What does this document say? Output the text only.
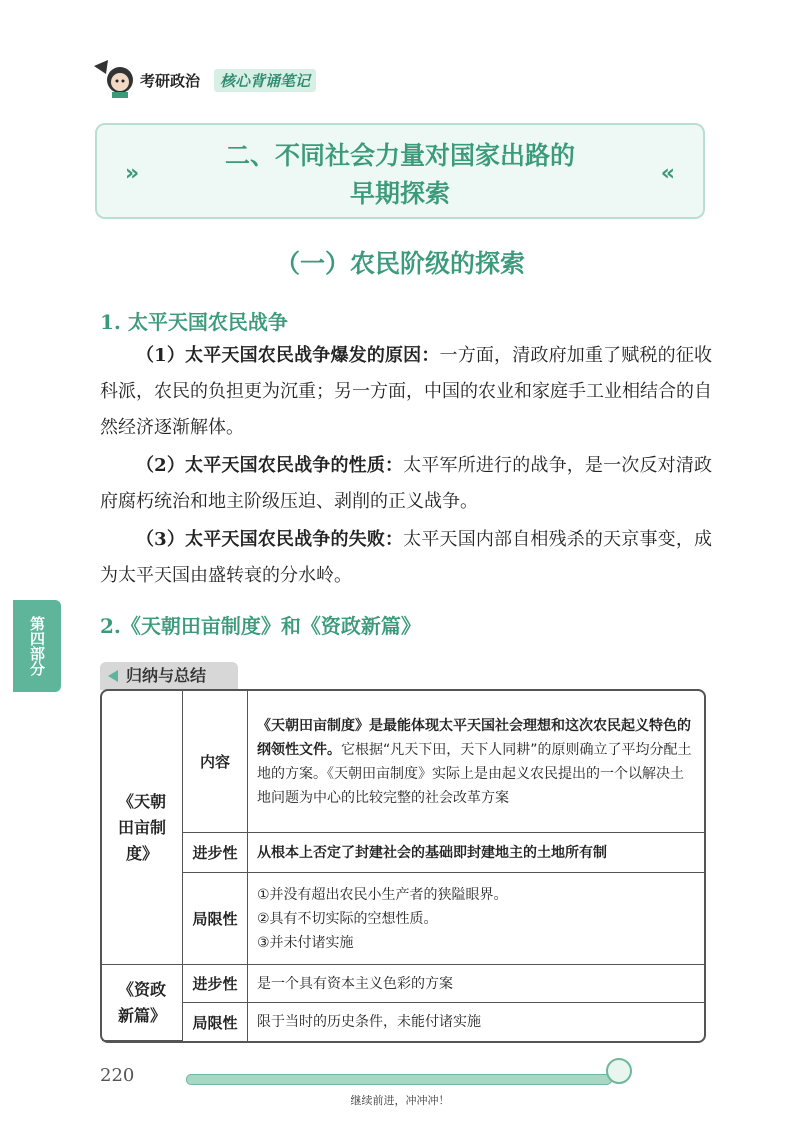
考研政治	核心背诵笔记
»
二、不同社会力量对国家出路的
早期探索
«
（一）农民阶级的探索
1. 太平天国农民战争
（1）太平天国农民战争爆发的原因：一方面，清政府加重了赋税的征收科派，农民的负担更为沉重；另一方面，中国的农业和家庭手工业相结合的自然经济逐渐解体。
（2）太平天国农民战争的性质：太平军所进行的战争，是一次反对清政府腐朽统治和地主阶级压迫、剥削的正义战争。
（3）太平天国农民战争的失败：太平天国内部自相残杀的天京事变，成为太平天国由盛转衰的分水岭。
2.《天朝田亩制度》和《资政新篇》
第四部分	归纳与总结
《天朝田亩制度》	内容	《天朝田亩制度》是最能体现太平天国社会理想和这次农民起义特色的纲领性文件。它根据“凡天下田，天下人同耕”的原则确立了平均分配土地的方案。《天朝田亩制度》实际上是由起义农民提出的一个以解决土地问题为中心的比较完整的社会改革方案
	进步性	从根本上否定了封建社会的基础即封建地主的土地所有制
	局限性	①并没有超出农民小生产者的狭隘眼界。
②具有不切实际的空想性质。
③并未付诸实施

《资政新篇》	进步性	是一个具有资本主义色彩的方案
	局限性	限于当时的历史条件，未能付诸实施
220
继续前进，冲冲冲！
